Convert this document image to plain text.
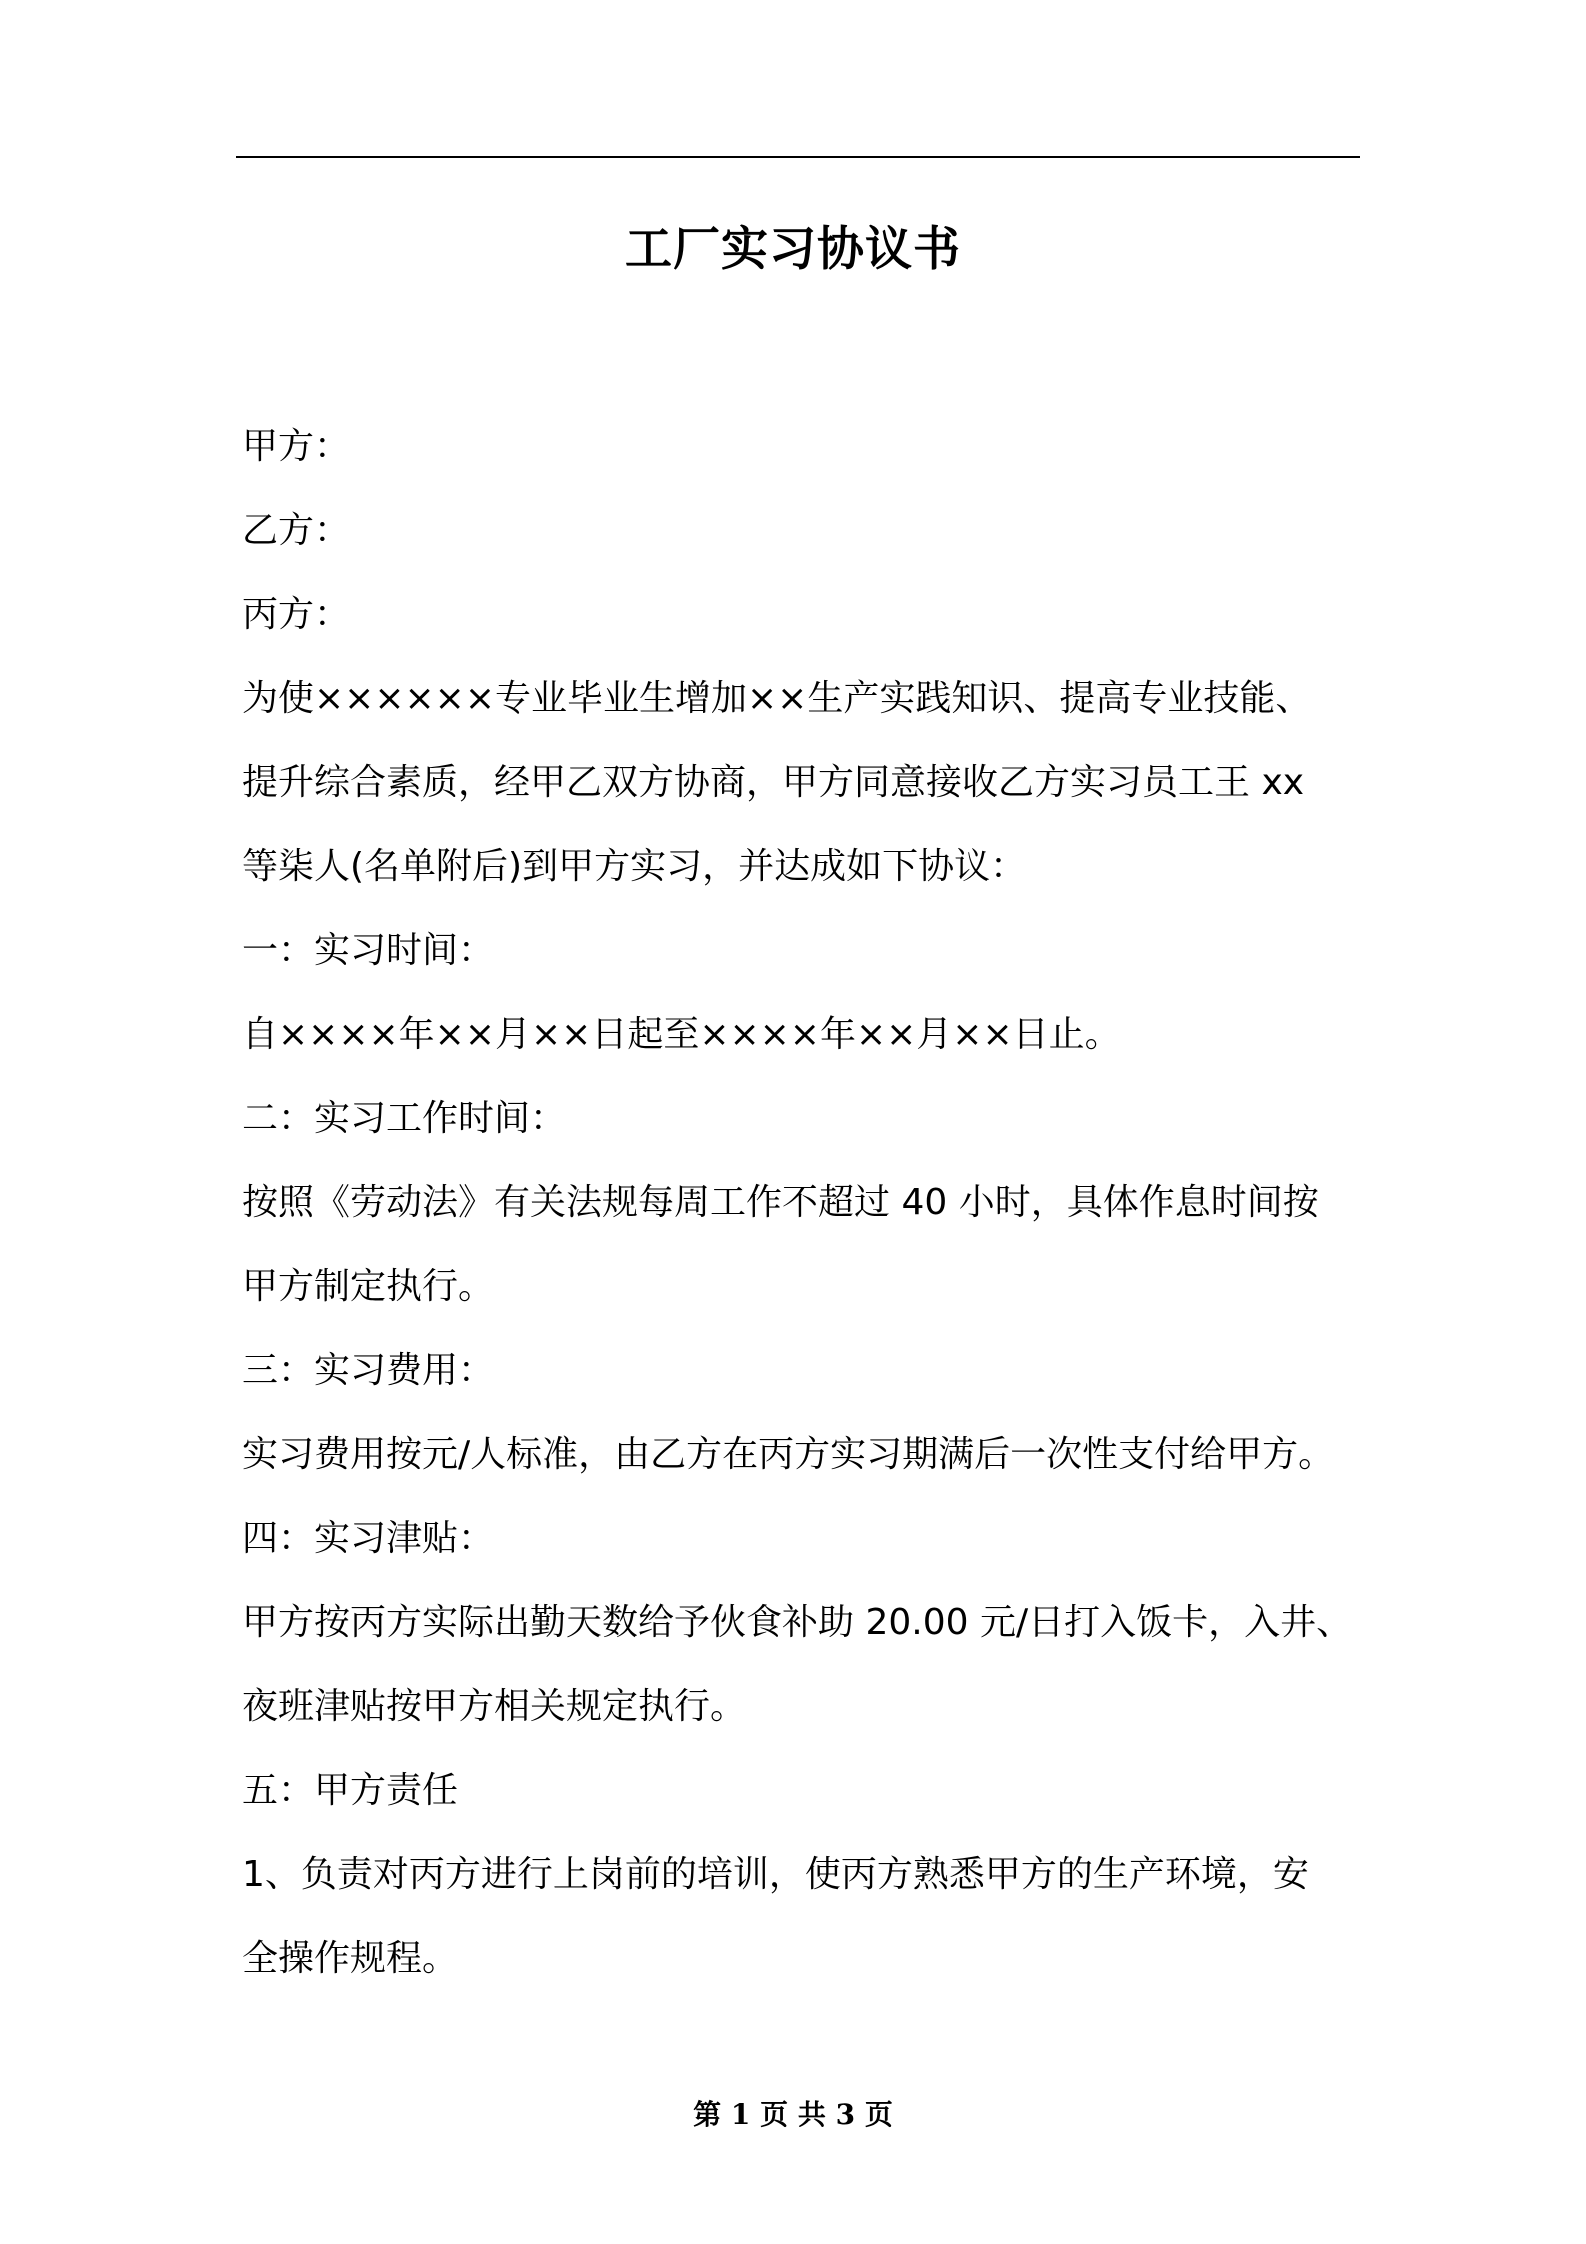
工厂实习协议书

甲方：

乙方：

丙方：

为使××××××专业毕业生增加××生产实践知识、提高专业技能、

提升综合素质，经甲乙双方协商，甲方同意接收乙方实习员工王 xx

等柒人(名单附后)到甲方实习，并达成如下协议：

一：实习时间：

自××××年××月××日起至××××年××月××日止。

二：实习工作时间：

按照《劳动法》有关法规每周工作不超过 40 小时，具体作息时间按

甲方制定执行。

三：实习费用：

实习费用按元/人标准，由乙方在丙方实习期满后一次性支付给甲方。

四：实习津贴：

甲方按丙方实际出勤天数给予伙食补助 20.00 元/日打入饭卡，入井、

夜班津贴按甲方相关规定执行。

五：甲方责任

1、负责对丙方进行上岗前的培训，使丙方熟悉甲方的生产环境，安

全操作规程。

第 1 页 共 3 页
